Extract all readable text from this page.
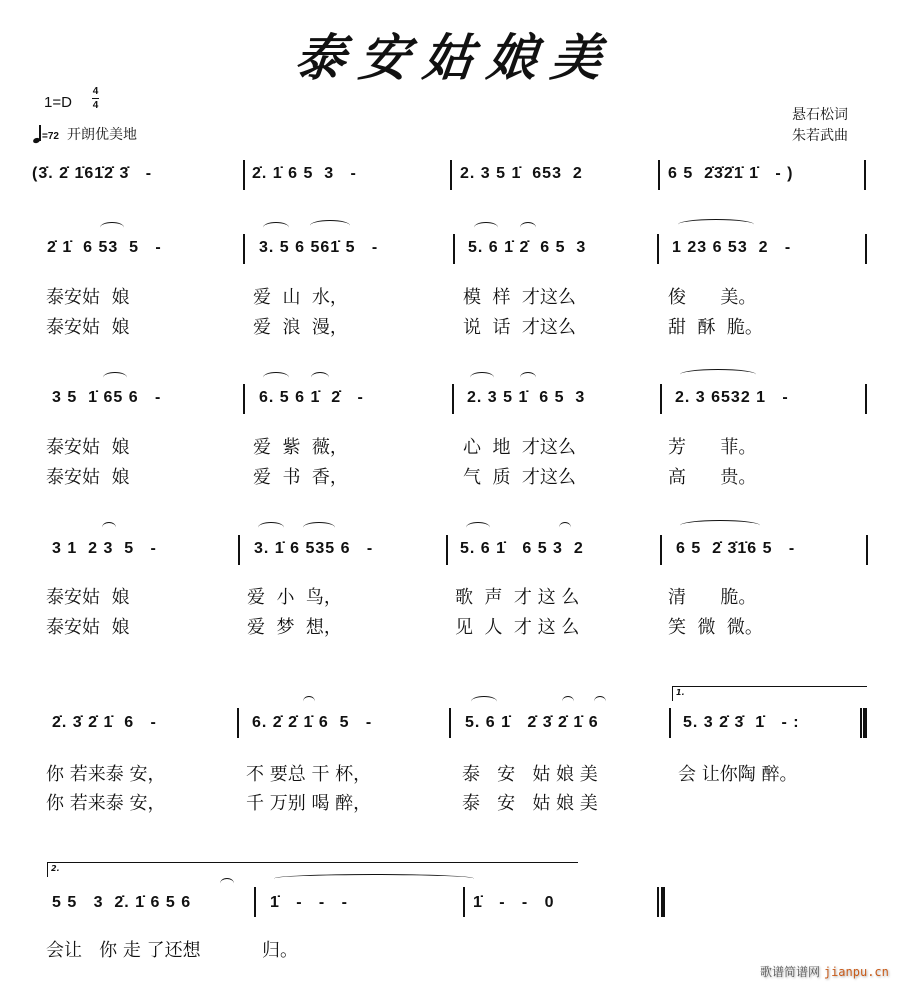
泰安姑娘美
1=D
4
4
=72 开朗优美地
悬石松词
朱若武曲
(3̇. 2̇ 1̇61̇2̇ 3̇   -	2̇. 1̇ 6 5  3   -	2. 3 5 1̇  653  2	6 5  2̇3̇2̇1̇ 1̇   - )
2̇ 1̇  6 53  5   -	3. 5 6 561̇ 5   -	5. 6 1̇ 2̇  6 5  3	1 23 6 53  2   -
泰安姑  娘	爱  山  水，	模  样  才这么	俊      美。
泰安姑  娘	爱  浪  漫，	说  话  才这么	甜  酥  脆。
3 5  1̇ 65 6   -	6. 5 6 1̇  2̇   -	2. 3 5 1̇  6 5  3	2. 3 6532 1   -
泰安姑  娘	爱  紫  薇，	心  地  才这么	芳      菲。
泰安姑  娘	爱  书  香，	气  质  才这么	高      贵。
3 1  2 3  5   -	3. 1̇ 6 535 6   -	5. 6 1̇   6 5 3  2	6 5  2̇ 3̇1̇6 5   -
泰安姑  娘	爱  小  鸟，	歌  声  才 这 么	清      脆。
泰安姑  娘	爱  梦  想，	见  人  才 这 么	笑  微  微。
1.
2̇. 3̇ 2̇ 1̇  6   -	6. 2̇ 2̇ 1̇ 6  5   -	5. 6 1̇   2̇ 3̇ 2̇ 1̇ 6	5. 3 2̇ 3̇  1̇   - :
你 若来泰 安，	不 要总 干 杯，	泰   安   姑 娘 美	会 让你陶 醉。
你 若来泰 安，	千 万别 喝 醉，	泰   安   姑 娘 美
2.
5 5   3  2̇. 1̇ 6 5 6	1̇   -   -   -	1̇   -   -   0
会让   你 走 了还想	归。
歌谱简谱网 jianpu.cn
